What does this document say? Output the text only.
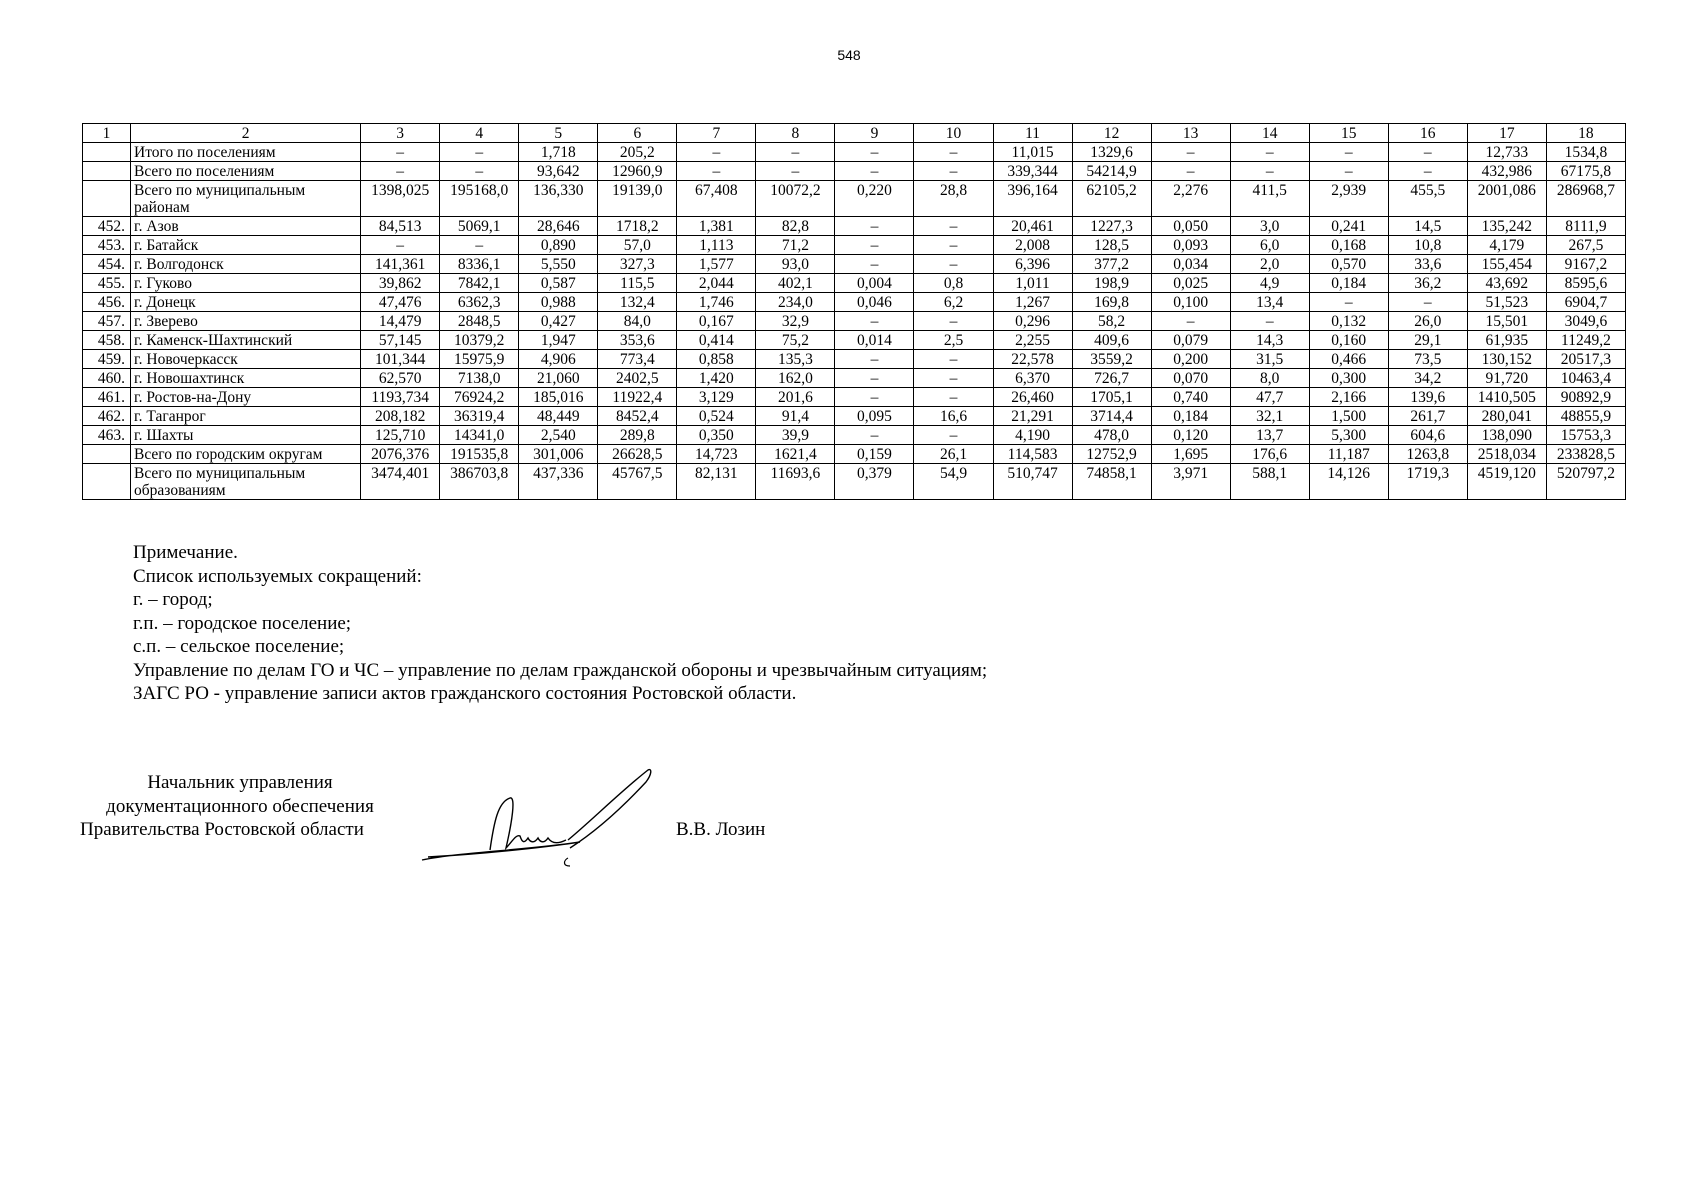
548
1	2	3	4	5	6	7	8	9	10	11	12	13	14	15	16	17	18
	Итого по поселениям	–	–	1,718	205,2	–	–	–	–	11,015	1329,6	–	–	–	–	12,733	1534,8
	Всего по поселениям	–	–	93,642	12960,9	–	–	–	–	339,344	54214,9	–	–	–	–	432,986	67175,8
	Всего по муниципальным районам	1398,025	195168,0	136,330	19139,0	67,408	10072,2	0,220	28,8	396,164	62105,2	2,276	411,5	2,939	455,5	2001,086	286968,7
452.	г. Азов	84,513	5069,1	28,646	1718,2	1,381	82,8	–	–	20,461	1227,3	0,050	3,0	0,241	14,5	135,242	8111,9
453.	г. Батайск	–	–	0,890	57,0	1,113	71,2	–	–	2,008	128,5	0,093	6,0	0,168	10,8	4,179	267,5
454.	г. Волгодонск	141,361	8336,1	5,550	327,3	1,577	93,0	–	–	6,396	377,2	0,034	2,0	0,570	33,6	155,454	9167,2
455.	г. Гуково	39,862	7842,1	0,587	115,5	2,044	402,1	0,004	0,8	1,011	198,9	0,025	4,9	0,184	36,2	43,692	8595,6
456.	г. Донецк	47,476	6362,3	0,988	132,4	1,746	234,0	0,046	6,2	1,267	169,8	0,100	13,4	–	–	51,523	6904,7
457.	г. Зверево	14,479	2848,5	0,427	84,0	0,167	32,9	–	–	0,296	58,2	–	–	0,132	26,0	15,501	3049,6
458.	г. Каменск-Шахтинский	57,145	10379,2	1,947	353,6	0,414	75,2	0,014	2,5	2,255	409,6	0,079	14,3	0,160	29,1	61,935	11249,2
459.	г. Новочеркасск	101,344	15975,9	4,906	773,4	0,858	135,3	–	–	22,578	3559,2	0,200	31,5	0,466	73,5	130,152	20517,3
460.	г. Новошахтинск	62,570	7138,0	21,060	2402,5	1,420	162,0	–	–	6,370	726,7	0,070	8,0	0,300	34,2	91,720	10463,4
461.	г. Ростов-на-Дону	1193,734	76924,2	185,016	11922,4	3,129	201,6	–	–	26,460	1705,1	0,740	47,7	2,166	139,6	1410,505	90892,9
462.	г. Таганрог	208,182	36319,4	48,449	8452,4	0,524	91,4	0,095	16,6	21,291	3714,4	0,184	32,1	1,500	261,7	280,041	48855,9
463.	г. Шахты	125,710	14341,0	2,540	289,8	0,350	39,9	–	–	4,190	478,0	0,120	13,7	5,300	604,6	138,090	15753,3
	Всего по городским округам	2076,376	191535,8	301,006	26628,5	14,723	1621,4	0,159	26,1	114,583	12752,9	1,695	176,6	11,187	1263,8	2518,034	233828,5
	Всего по муниципальным образованиям	3474,401	386703,8	437,336	45767,5	82,131	11693,6	0,379	54,9	510,747	74858,1	3,971	588,1	14,126	1719,3	4519,120	520797,2
Примечание.
Список используемых сокращений:
г. – город;
г.п. – городское поселение;
с.п. – сельское поселение;
Управление по делам ГО и ЧС – управление по делам гражданской обороны и чрезвычайным ситуациям;
ЗАГС РО - управление записи актов гражданского состояния Ростовской области.
Начальник управления
документационного обеспечения
Правительства Ростовской области	В.В. Лозин
